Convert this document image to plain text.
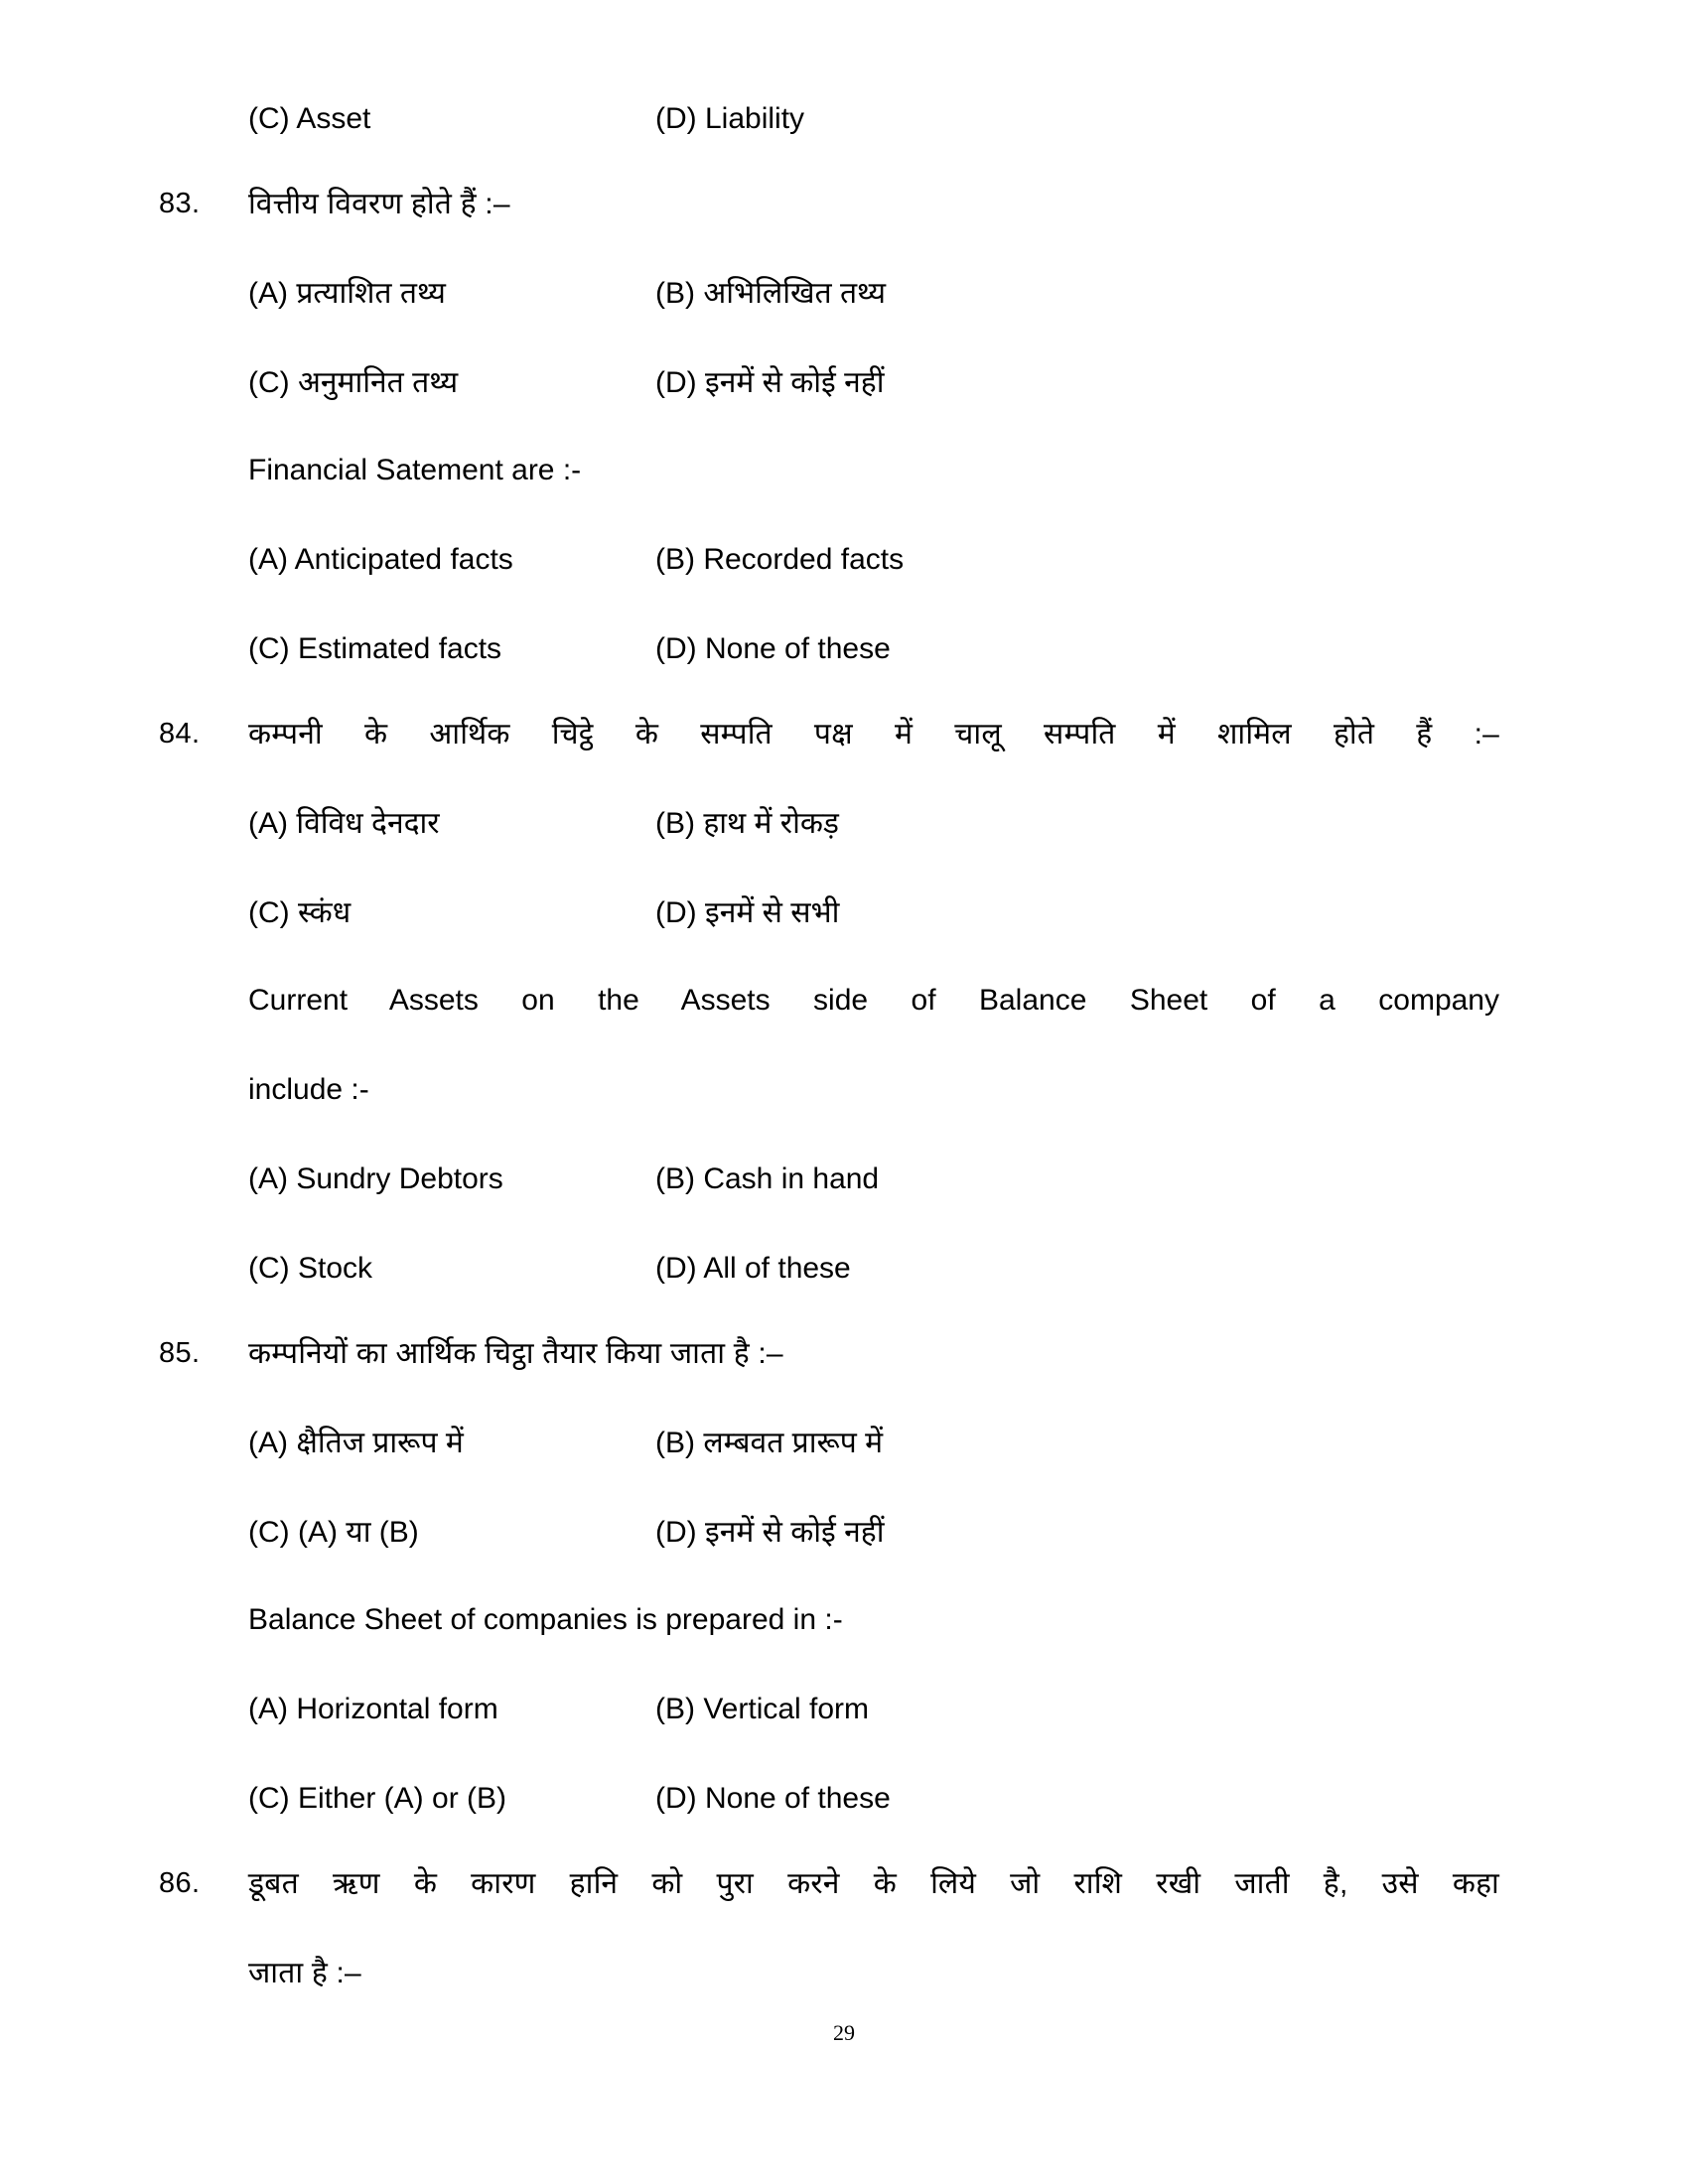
(C) Asset	(D) Liability
83.	वित्तीय विवरण होते हैं :–
(A) प्रत्याशित तथ्य	(B) अभिलिखित तथ्य
(C) अनुमानित तथ्य	(D) इनमें से कोई नहीं
Financial Satement are :-
(A) Anticipated facts	(B) Recorded facts
(C) Estimated facts	(D) None of these
84.	कम्पनी के आर्थिक चिट्ठे के सम्पति पक्ष में चालू सम्पति में शामिल होते हैं :–
(A) विविध देनदार	(B) हाथ में रोकड़
(C) स्कंध	(D) इनमें से सभी
Current Assets on the Assets side of Balance Sheet of a company
include :-
(A) Sundry Debtors	(B) Cash in hand
(C) Stock	(D) All of these
85.	कम्पनियों का आर्थिक चिट्ठा तैयार किया जाता है :–
(A) क्षैतिज प्रारूप में	(B) लम्बवत प्रारूप में
(C) (A) या (B)	(D) इनमें से कोई नहीं
Balance Sheet of companies is prepared in :-
(A) Horizontal form	(B) Vertical form
(C) Either (A) or (B)	(D) None of these
86.	डूबत ऋण के कारण हानि को पुरा करने के लिये जो राशि रखी जाती है, उसे कहा
जाता है :–
29
